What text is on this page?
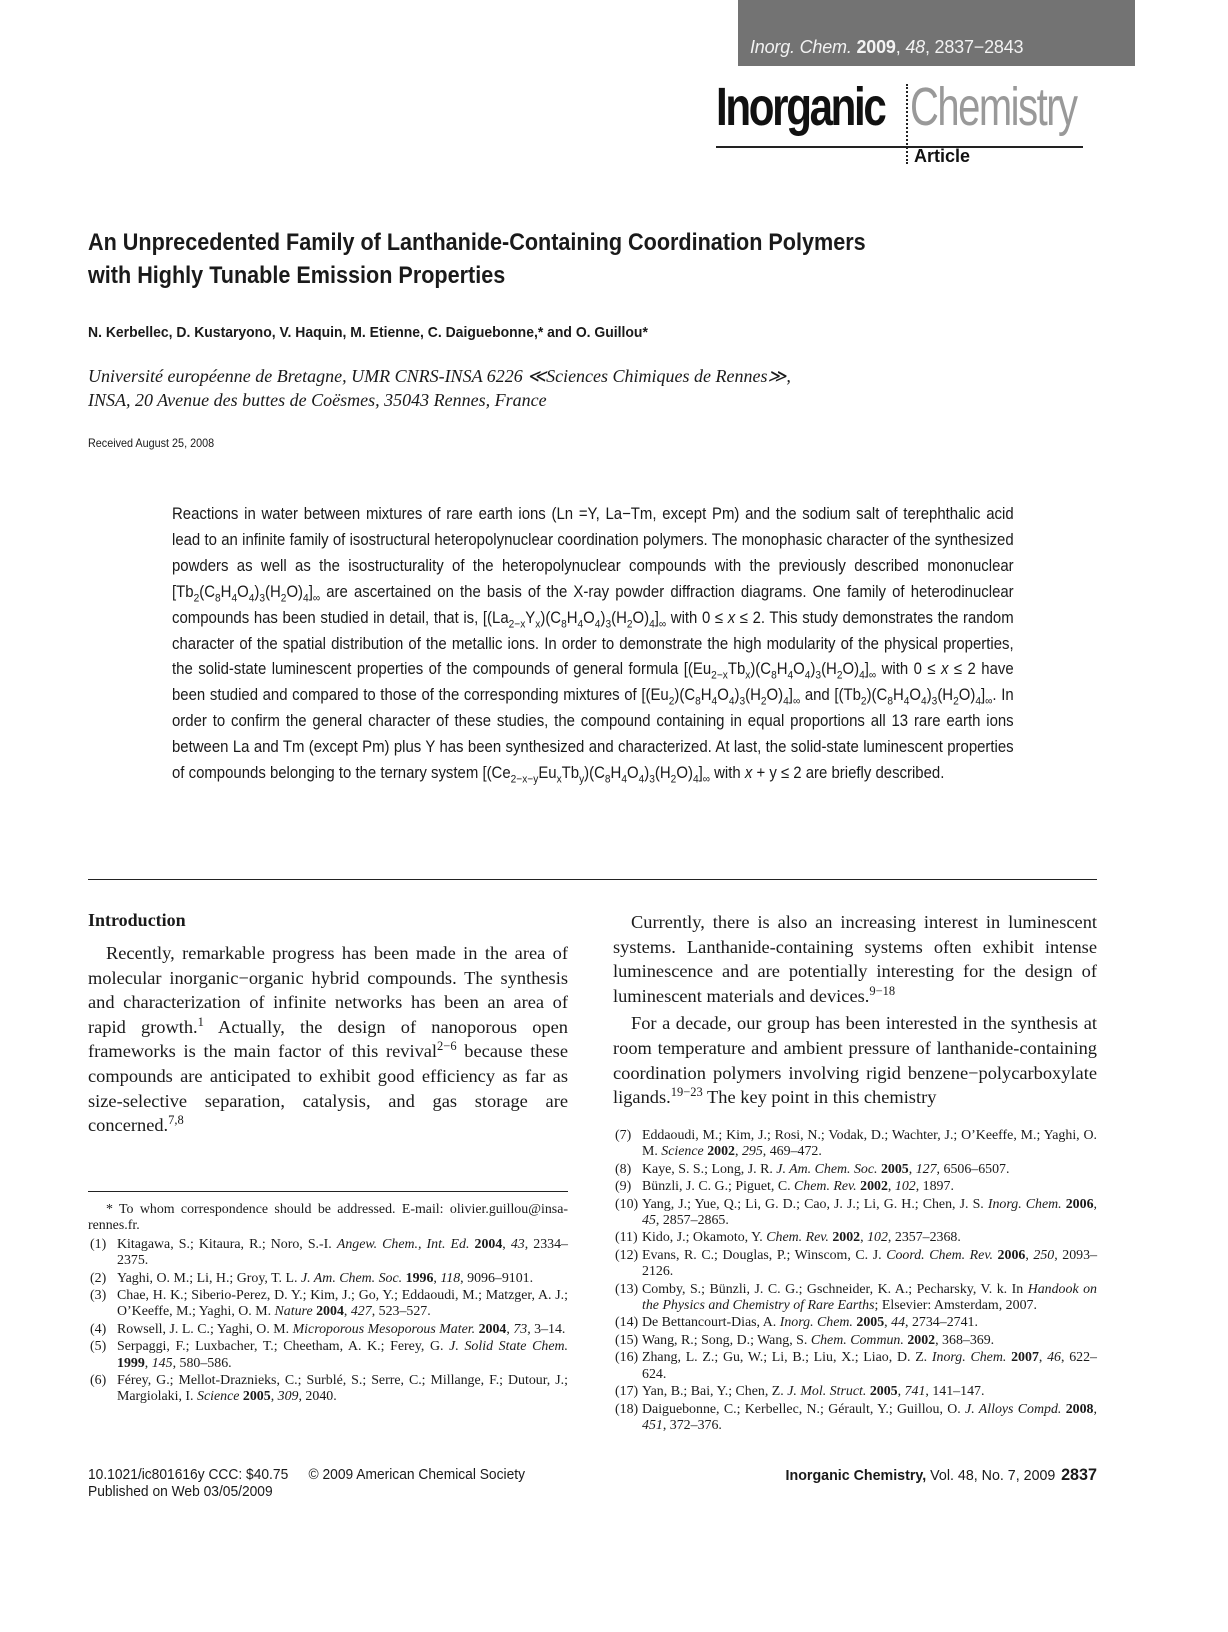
Inorg. Chem. 2009, 48, 2837−2843
Inorganic Chemistry
Article
An Unprecedented Family of Lanthanide-Containing Coordination Polymers with Highly Tunable Emission Properties
N. Kerbellec, D. Kustaryono, V. Haquin, M. Etienne, C. Daiguebonne,* and O. Guillou*
Université européenne de Bretagne, UMR CNRS-INSA 6226 ≪Sciences Chimiques de Rennes≫,
INSA, 20 Avenue des buttes de Coësmes, 35043 Rennes, France
Received August 25, 2008
Reactions in water between mixtures of rare earth ions (Ln =Y, La−Tm, except Pm) and the sodium salt of terephthalic acid lead to an infinite family of isostructural heteropolynuclear coordination polymers. The monophasic character of the synthesized powders as well as the isostructurality of the heteropolynuclear compounds with the previously described mononuclear $[Tb_2(C_8H_4O_4)_3(H_2O)_4]_\infty$ are ascertained on the basis of the X-ray powder diffraction diagrams. One family of heterodinuclear compounds has been studied in detail, that is, $[(La_{2-x}Y_x)(C_8H_4O_4)_3(H_2O)_4]_\infty$ with 0 ≤ x ≤ 2. This study demonstrates the random character of the spatial distribution of the metallic ions. In order to demonstrate the high modularity of the physical properties, the solid-state luminescent properties of the compounds of general formula $[(Eu_{2-x}Tb_x)(C_8H_4O_4)_3(H_2O)_4]_\infty$ with 0 ≤ x ≤ 2 have been studied and compared to those of the corresponding mixtures of $[(Eu_2)(C_8H_4O_4)_3(H_2O)_4]_\infty$ and $[(Tb_2)(C_8H_4O_4)_3(H_2O)_4]_\infty$. In order to confirm the general character of these studies, the compound containing in equal proportions all 13 rare earth ions between La and Tm (except Pm) plus Y has been synthesized and characterized. At last, the solid-state luminescent properties of compounds belonging to the ternary system $[(Ce_{2-x-y}Eu_xTb_y)(C_8H_4O_4)_3(H_2O)_4]_\infty$ with x + y ≤ 2 are briefly described.
Introduction

Recently, remarkable progress has been made in the area of molecular inorganic−organic hybrid compounds. The synthesis and characterization of infinite networks has been an area of rapid growth.$^1$ Actually, the design of nanoporous open frameworks is the main factor of this revival$^{2-6}$ because these compounds are anticipated to exhibit good efficiency as far as size-selective separation, catalysis, and gas storage are concerned.$^{7,8}$

Currently, there is also an increasing interest in luminescent systems. Lanthanide-containing systems often exhibit intense luminescence and are potentially interesting for the design of luminescent materials and devices.$^{9-18}$

For a decade, our group has been interested in the synthesis at room temperature and ambient pressure of lanthanide-containing coordination polymers involving rigid benzene−polycarboxylate ligands.$^{19-23}$ The key point in this chemistry

* To whom correspondence should be addressed. E-mail: olivier.guillou@insa-rennes.fr.
(1) Kitagawa, S.; Kitaura, R.; Noro, S.-I. Angew. Chem., Int. Ed. 2004, 43, 2334–2375.
(2) Yaghi, O. M.; Li, H.; Groy, T. L. J. Am. Chem. Soc. 1996, 118, 9096–9101.
(3) Chae, H. K.; Siberio-Perez, D. Y.; Kim, J.; Go, Y.; Eddaoudi, M.; Matzger, A. J.; O’Keeffe, M.; Yaghi, O. M. Nature 2004, 427, 523–527.
(4) Rowsell, J. L. C.; Yaghi, O. M. Microporous Mesoporous Mater. 2004, 73, 3–14.
(5) Serpaggi, F.; Luxbacher, T.; Cheetham, A. K.; Ferey, G. J. Solid State Chem. 1999, 145, 580–586.
(6) Férey, G.; Mellot-Draznieks, C.; Surblé, S.; Serre, C.; Millange, F.; Dutour, J.; Margiolaki, I. Science 2005, 309, 2040.
(7) Eddaoudi, M.; Kim, J.; Rosi, N.; Vodak, D.; Wachter, J.; O’Keeffe, M.; Yaghi, O. M. Science 2002, 295, 469–472.
(8) Kaye, S. S.; Long, J. R. J. Am. Chem. Soc. 2005, 127, 6506–6507.
(9) Bünzli, J. C. G.; Piguet, C. Chem. Rev. 2002, 102, 1897.
(10) Yang, J.; Yue, Q.; Li, G. D.; Cao, J. J.; Li, G. H.; Chen, J. S. Inorg. Chem. 2006, 45, 2857–2865.
(11) Kido, J.; Okamoto, Y. Chem. Rev. 2002, 102, 2357–2368.
(12) Evans, R. C.; Douglas, P.; Winscom, C. J. Coord. Chem. Rev. 2006, 250, 2093–2126.
(13) Comby, S.; Bünzli, J. C. G.; Gschneider, K. A.; Pecharsky, V. k. In Handook on the Physics and Chemistry of Rare Earths; Elsevier: Amsterdam, 2007.
(14) De Bettancourt-Dias, A. Inorg. Chem. 2005, 44, 2734–2741.
(15) Wang, R.; Song, D.; Wang, S. Chem. Commun. 2002, 368–369.
(16) Zhang, L. Z.; Gu, W.; Li, B.; Liu, X.; Liao, D. Z. Inorg. Chem. 2007, 46, 622–624.
(17) Yan, B.; Bai, Y.; Chen, Z. J. Mol. Struct. 2005, 741, 141–147.
(18) Daiguebonne, C.; Kerbellec, N.; Gérault, Y.; Guillou, O. J. Alloys Compd. 2008, 451, 372–376.
10.1021/ic801616y CCC: $40.75 © 2009 American Chemical Society
Published on Web 03/05/2009
Inorganic Chemistry, Vol. 48, No. 7, 2009 2837
